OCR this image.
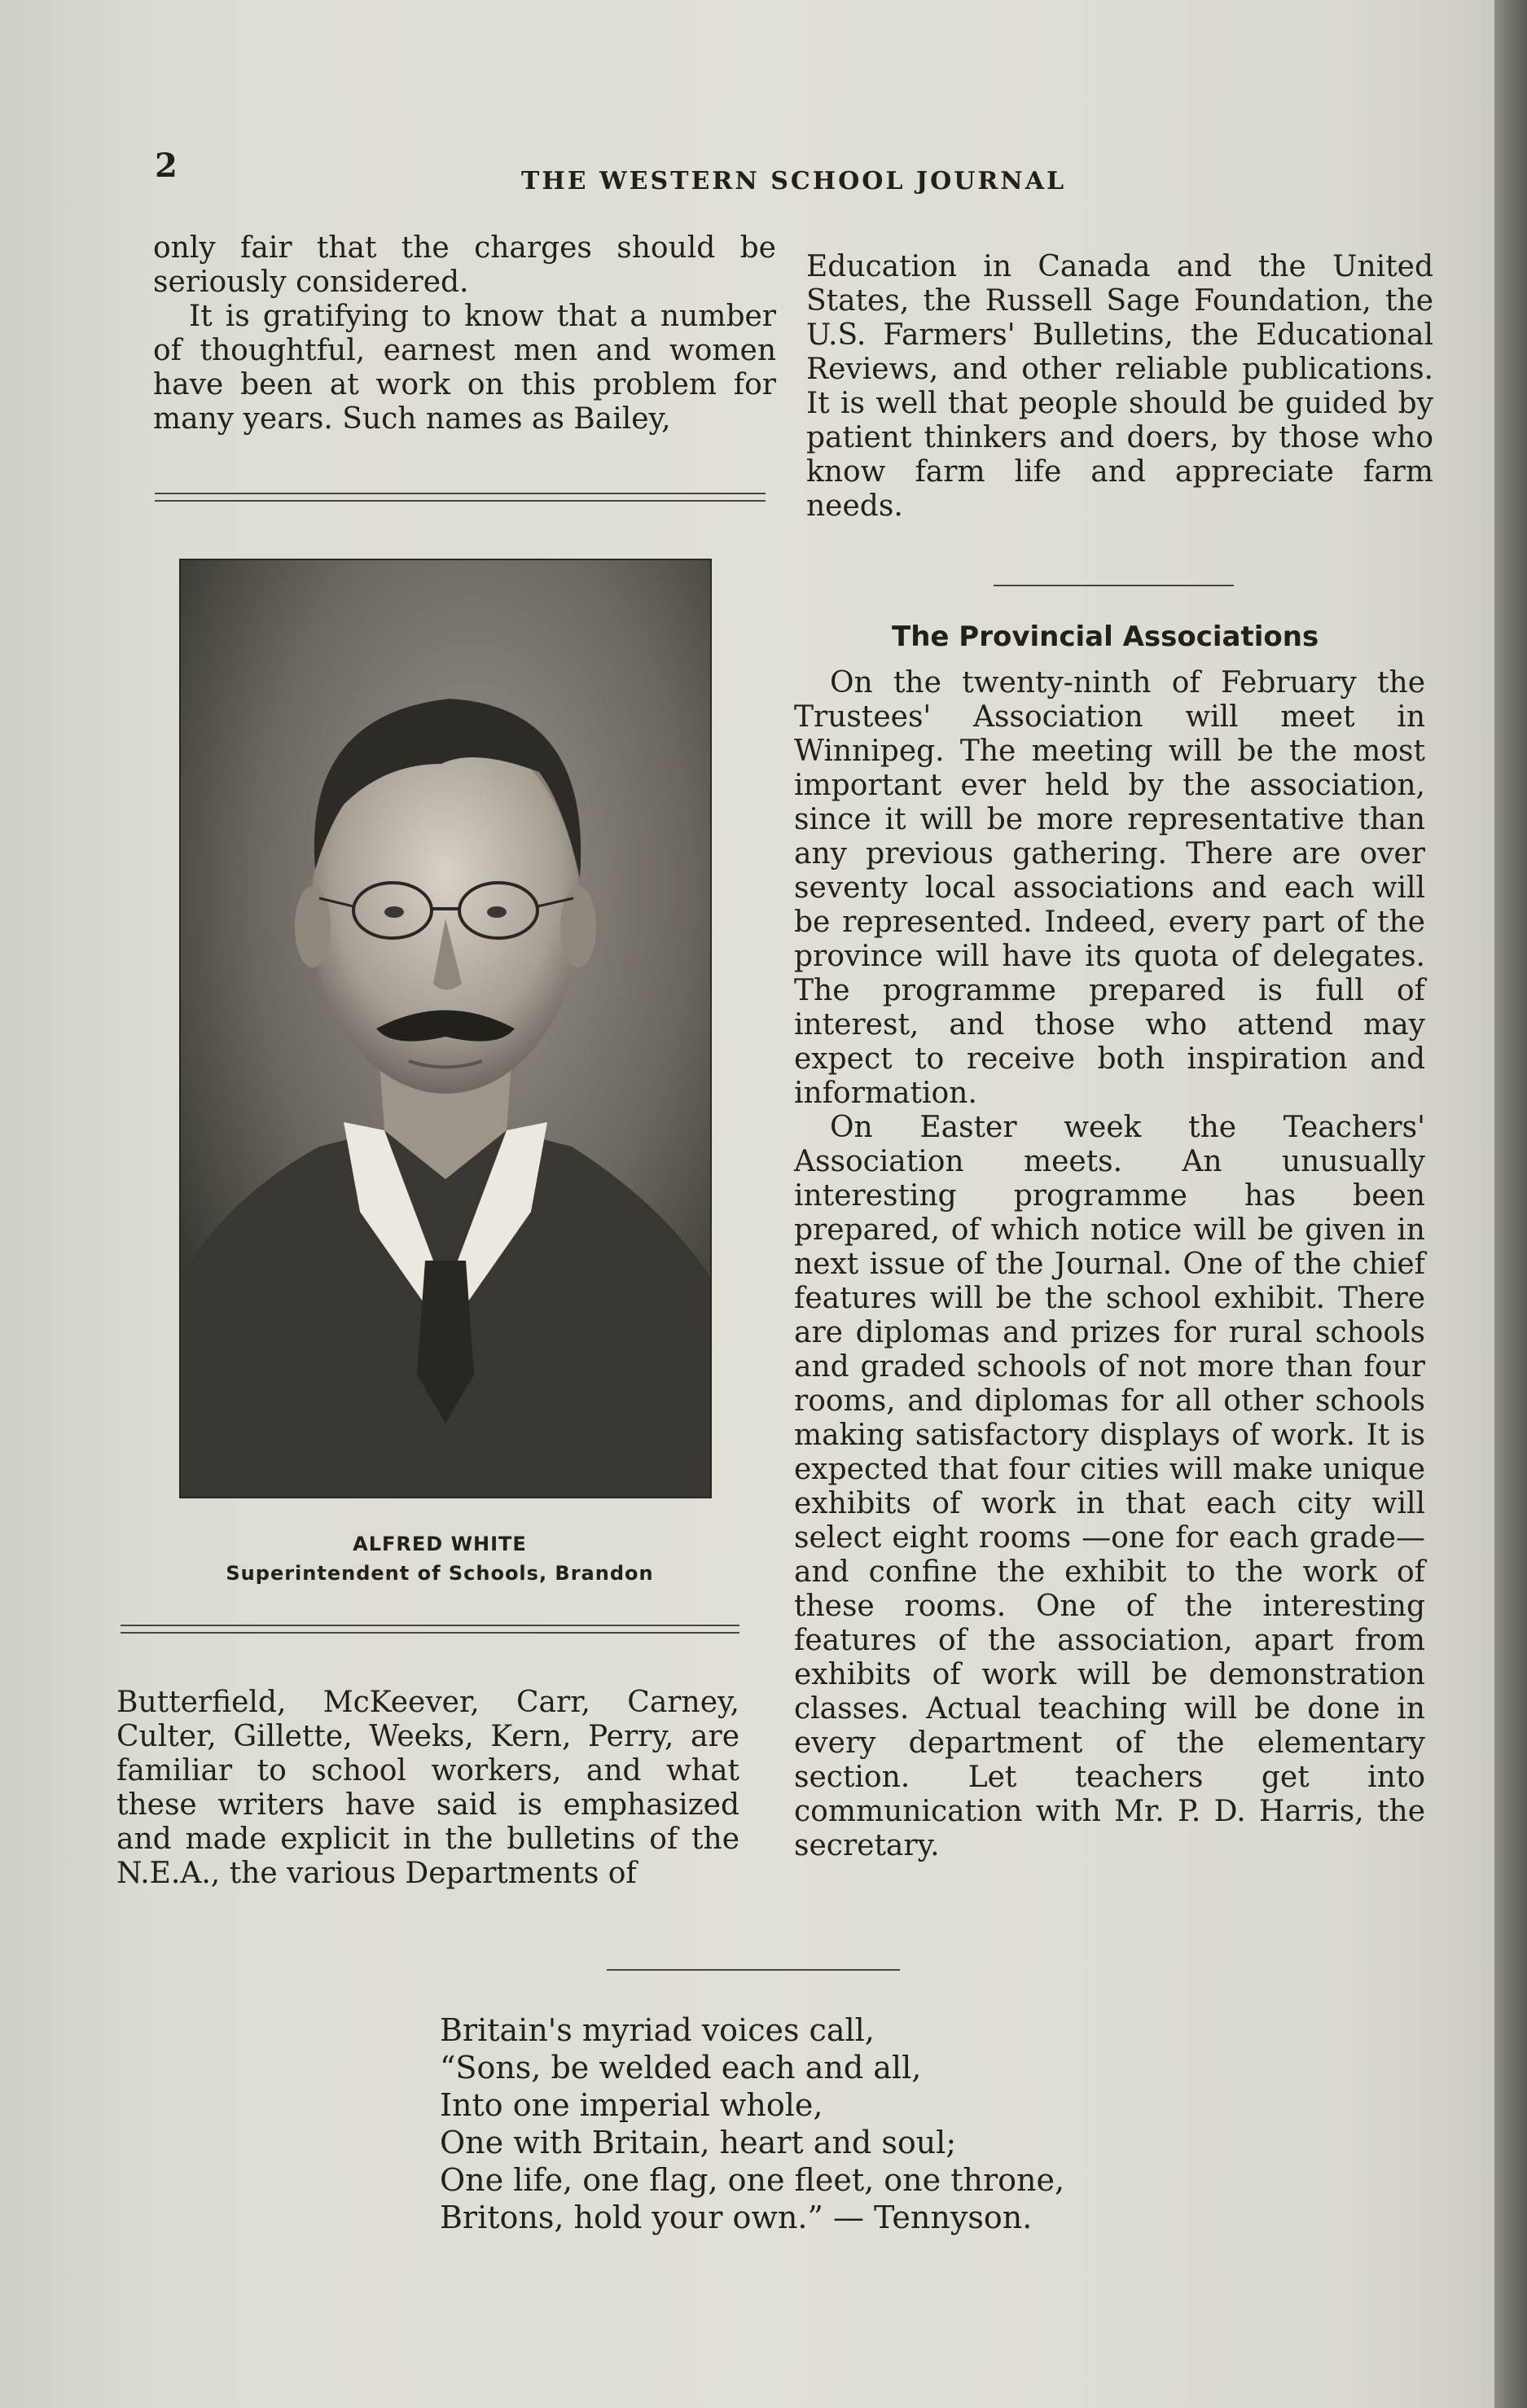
2	THE WESTERN SCHOOL JOURNAL

only fair that the charges should be seriously considered.

It is gratifying to know that a number of thoughtful, earnest men and women have been at work on this problem for many years. Such names as Bailey,

ALFRED WHITE
Superintendent of Schools, Brandon

Butterfield, McKeever, Carr, Carney, Culter, Gillette, Weeks, Kern, Perry, are familiar to school workers, and what these writers have said is emphasized and made explicit in the bulletins of the N.E.A., the various Departments of

Education in Canada and the United States, the Russell Sage Foundation, the U.S. Farmers' Bulletins, the Educational Reviews, and other reliable publications. It is well that people should be guided by patient thinkers and doers, by those who know farm life and appreciate farm needs.

The Provincial Associations

On the twenty-ninth of February the Trustees' Association will meet in Winnipeg. The meeting will be the most important ever held by the association, since it will be more representative than any previous gathering. There are over seventy local associations and each will be represented. Indeed, every part of the province will have its quota of delegates. The programme prepared is full of interest, and those who attend may expect to receive both inspiration and information.

On Easter week the Teachers' Association meets. An unusually interesting programme has been prepared, of which notice will be given in next issue of the Journal. One of the chief features will be the school exhibit. There are diplomas and prizes for rural schools and graded schools of not more than four rooms, and diplomas for all other schools making satisfactory displays of work. It is expected that four cities will make unique exhibits of work in that each city will select eight rooms —one for each grade—and confine the exhibit to the work of these rooms. One of the interesting features of the association, apart from exhibits of work will be demonstration classes. Actual teaching will be done in every department of the elementary section. Let teachers get into communication with Mr. P. D. Harris, the secretary.

Britain's myriad voices call,
“Sons, be welded each and all,
Into one imperial whole,
One with Britain, heart and soul;
One life, one flag, one fleet, one throne,
Britons, hold your own.” — Tennyson.
